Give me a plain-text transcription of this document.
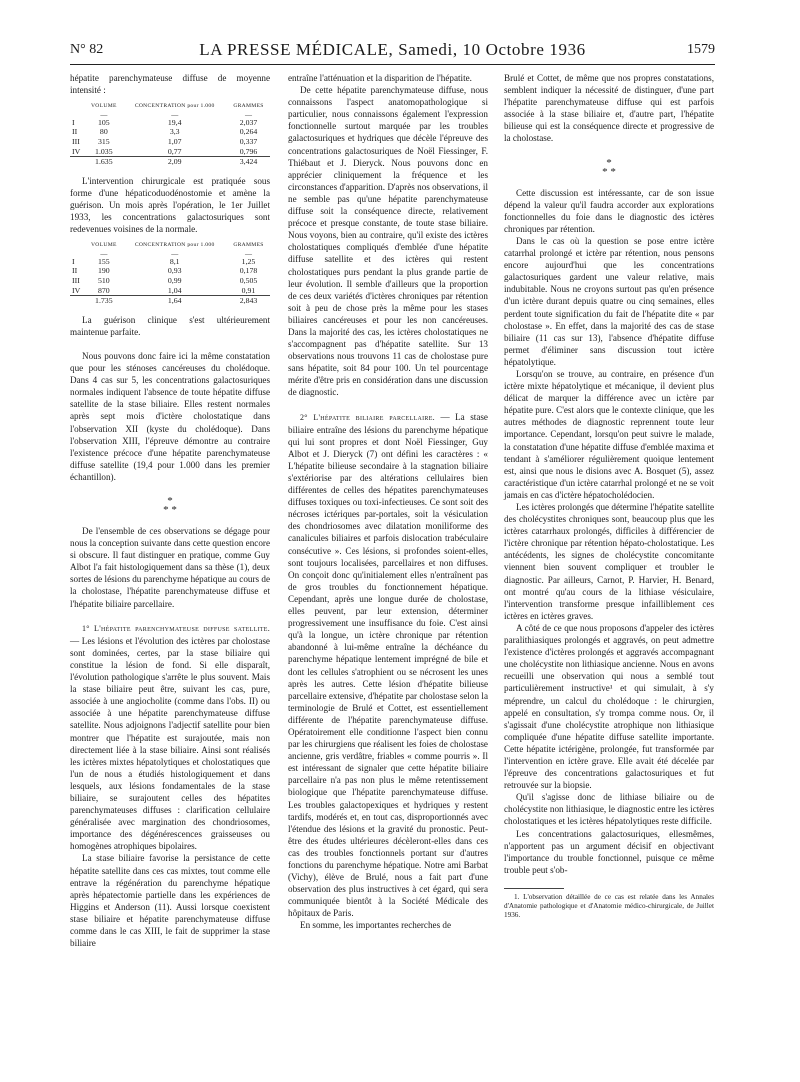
N° 82	LA PRESSE MÉDICALE, Samedi, 10 Octobre 1936	1579

hépatite parenchymateuse diffuse de moyenne intensité :

	VOLUME	CONCENTRATION pour 1.000	GRAMMES
	—	—	—
I	105	19,4	2,037
II	80	3,3	0,264
III	315	1,07	0,337
IV	1.035	0,77	0,796
	1.635	2,09	3,424

L'intervention chirurgicale est pratiquée sous forme d'une hépaticoduodénostomie et amène la guérison. Un mois après l'opération, le 1er Juillet 1933, les concentrations galactosuriques sont redevenues voisines de la normale.

	VOLUME	CONCENTRATION pour 1.000	GRAMMES
	—	—	—
I	155	8,1	1,25
II	190	0,93	0,178
III	510	0,99	0,505
IV	870	1,04	0,91
	1.735	1,64	2,843

La guérison clinique s'est ultérieurement maintenue parfaite.

Nous pouvons donc faire ici la même constatation que pour les sténoses cancéreuses du cholédoque. Dans 4 cas sur 5, les concentrations galactosuriques normales indiquent l'absence de toute hépatite diffuse satellite de la stase biliaire. Elles restent normales après sept mois d'ictère cholostatique dans l'observation XII (kyste du cholédoque). Dans l'observation XIII, l'épreuve démontre au contraire l'existence précoce d'une hépatite parenchymateuse diffuse satellite (19,4 pour 1.000 dans les premier échantillon).

*
* *

De l'ensemble de ces observations se dégage pour nous la conception suivante dans cette question encore si obscure. Il faut distinguer en pratique, comme Guy Albot l'a fait histologiquement dans sa thèse (1), deux sortes de lésions du parenchyme hépatique au cours de la cholostase, l'hépatite parenchymateuse diffuse et l'hépatite biliaire parcellaire.

1° L'hépatite parenchymateuse diffuse satellite. — Les lésions et l'évolution des ictères par cholostase sont dominées, certes, par la stase biliaire qui constitue la lésion de fond. Si elle disparaît, l'évolution pathologique s'arrête le plus souvent. Mais la stase biliaire peut être, suivant les cas, pure, associée à une angiocholite (comme dans l'obs. II) ou associée à une hépatite parenchymateuse diffuse satellite. Nous adjoignons l'adjectif satellite pour bien montrer que l'hépatite est surajoutée, mais non directement liée à la stase biliaire. Ainsi sont réalisés les ictères mixtes hépatolytiques et cholostatiques que l'un de nous a étudiés histologiquement et dans lesquels, aux lésions fondamentales de la stase biliaire, se surajoutent celles des hépatites parenchymateuses diffuses : clarification cellulaire généralisée avec margination des chondriosomes, importance des dégénérescences graisseuses ou homogènes atrophiques bipolaires.

La stase biliaire favorise la persistance de cette hépatite satellite dans ces cas mixtes, tout comme elle entrave la régénération du parenchyme hépatique après hépatectomie partielle dans les expériences de Higgins et Anderson (11). Aussi lorsque coexistent stase biliaire et hépatite parenchymateuse diffuse comme dans le cas XIII, le fait de supprimer la stase biliaire

entraîne l'atténuation et la disparition de l'hépatite.

De cette hépatite parenchymateuse diffuse, nous connaissons l'aspect anatomopathologique si particulier, nous connaissons également l'expression fonctionnelle surtout marquée par les troubles galactosuriques et hydriques que décèle l'épreuve des concentrations galactosuriques de Noël Fiessinger, F. Thiébaut et J. Dieryck. Nous pouvons donc en apprécier cliniquement la fréquence et les circonstances d'apparition. D'après nos observations, il ne semble pas qu'une hépatite parenchymateuse diffuse soit la conséquence directe, relativement précoce et presque constante, de toute stase biliaire. Nous voyons, bien au contraire, qu'il existe des ictères cholostatiques compliqués d'emblée d'une hépatite diffuse satellite et des ictères qui restent cholostatiques purs pendant la plus grande partie de leur évolution. Il semble d'ailleurs que la proportion de ces deux variétés d'ictères chroniques par rétention soit à peu de chose près la même pour les stases biliaires cancéreuses et pour les non cancéreuses. Dans la majorité des cas, les ictères cholostatiques ne s'accompagnent pas d'hépatite satellite. Sur 13 observations nous trouvons 11 cas de cholostase pure sans hépatite, soit 84 pour 100. Un tel pourcentage mérite d'être pris en considération dans une discussion de diagnostic.

2° L'hépatite biliaire parcellaire. — La stase biliaire entraîne des lésions du parenchyme hépatique qui lui sont propres et dont Noël Fiessinger, Guy Albot et J. Dieryck (7) ont défini les caractères : « L'hépatite bilieuse secondaire à la stagnation biliaire s'extériorise par des altérations cellulaires bien différentes de celles des hépatites parenchymateuses diffuses toxiques ou toxi-infectieuses. Ce sont soit des nécroses ictériques par-portales, soit la vésiculation des chondriosomes avec dilatation moniliforme des canalicules biliaires et parfois dislocation trabéculaire consécutive ». Ces lésions, si profondes soient-elles, sont toujours localisées, parcellaires et non diffuses. On conçoit donc qu'initialement elles n'entraînent pas de gros troubles du fonctionnement hépatique. Cependant, après une longue durée de cholostase, elles peuvent, par leur extension, déterminer progressivement une insuffisance du foie. C'est ainsi qu'à la longue, un ictère chronique par rétention abandonné à lui-même entraîne la déchéance du parenchyme hépatique lentement imprégné de bile et dont les cellules s'atrophient ou se nécrosent les unes après les autres. Cette lésion d'hépatite bilieuse parcellaire extensive, d'hépatite par cholostase selon la terminologie de Brulé et Cottet, est essentiellement différente de l'hépatite parenchymateuse diffuse. Opératoirement elle conditionne l'aspect bien connu par les chirurgiens que réalisent les foies de cholostase ancienne, gris verdâtre, friables « comme pourris ». Il est intéressant de signaler que cette hépatite biliaire parcellaire n'a pas non plus le même retentissement biologique que l'hépatite parenchymateuse diffuse. Les troubles galactopexiques et hydriques y restent tardifs, modérés et, en tout cas, disproportionnés avec l'étendue des lésions et la gravité du pronostic. Peut-être des études ultérieures décèleront-elles dans ces cas des troubles fonctionnels portant sur d'autres fonctions du parenchyme hépatique. Notre ami Barbat (Vichy), élève de Brulé, nous a fait part d'une observation des plus instructives à cet égard, qui sera communiquée bientôt à la Société Médicale des hôpitaux de Paris.

En somme, les importantes recherches de

Brulé et Cottet, de même que nos propres constatations, semblent indiquer la nécessité de distinguer, d'une part l'hépatite parenchymateuse diffuse qui est parfois associée à la stase biliaire et, d'autre part, l'hépatite bilieuse qui est la conséquence directe et progressive de la cholostase.

*
* *

Cette discussion est intéressante, car de son issue dépend la valeur qu'il faudra accorder aux explorations fonctionnelles du foie dans le diagnostic des ictères chroniques par rétention.

Dans le cas où la question se pose entre ictère catarrhal prolongé et ictère par rétention, nous pensons encore aujourd'hui que les concentrations galactosuriques gardent une valeur relative, mais indubitable. Nous ne croyons surtout pas qu'en présence d'un ictère durant depuis quatre ou cinq semaines, elles perdent toute signification du fait de l'hépatite dite « par cholostase ». En effet, dans la majorité des cas de stase biliaire (11 cas sur 13), l'absence d'hépatite diffuse permet d'éliminer sans discussion tout ictère hépatolytique.

Lorsqu'on se trouve, au contraire, en présence d'un ictère mixte hépatolytique et mécanique, il devient plus délicat de marquer la différence avec un ictère par hépatite pure. C'est alors que le contexte clinique, que les autres méthodes de diagnostic reprennent toute leur importance. Cependant, lorsqu'on peut suivre le malade, la constatation d'une hépatite diffuse d'emblée maxima et tendant à s'améliorer régulièrement quoique lentement est, ainsi que nous le disions avec A. Bosquet (5), assez caractéristique d'un ictère catarrhal prolongé et ne se voit jamais en cas d'ictère hépatocholédocien.

Les ictères prolongés que détermine l'hépatite satellite des cholécystites chroniques sont, beaucoup plus que les ictères catarrhaux prolongés, difficiles à différencier de l'ictère chronique par rétention hépato-cholostatique. Les antécédents, les signes de cholécystite concomitante viennent bien souvent compliquer et troubler le diagnostic. Par ailleurs, Carnot, P. Harvier, H. Benard, ont montré qu'au cours de la lithiase vésiculaire, l'intervention transforme presque infailliblement ces ictères en ictères graves.

A côté de ce que nous proposons d'appeler des ictères paralithiasiques prolongés et aggravés, on peut admettre l'existence d'ictères prolongés et aggravés accompagnant une cholécystite non lithiasique ancienne. Nous en avons recueilli une observation qui nous a semblé tout particulièrement instructive¹ et qui simulait, à s'y méprendre, un calcul du cholédoque : le chirurgien, appelé en consultation, s'y trompa comme nous. Or, il s'agissait d'une cholécystite atrophique non lithiasique compliquée d'une hépatite diffuse satellite importante. Cette hépatite ictérigène, prolongée, fut transformée par l'intervention en ictère grave. Elle avait été décelée par l'épreuve des concentrations galactosuriques et fut retrouvée sur la biopsie.

Qu'il s'agisse donc de lithiase biliaire ou de cholécystite non lithiasique, le diagnostic entre les ictères cholostatiques et les ictères hépatolytiques reste difficile.

Les concentrations galactosuriques, ellesmêmes, n'apportent pas un argument décisif en objectivant l'importance du trouble fonctionnel, puisque ce même trouble peut s'ob-

1. L'observation détaillée de ce cas est relatée dans les Annales d'Anatomie pathologique et d'Anatomie médico-chirurgicale, de Juillet 1936.
